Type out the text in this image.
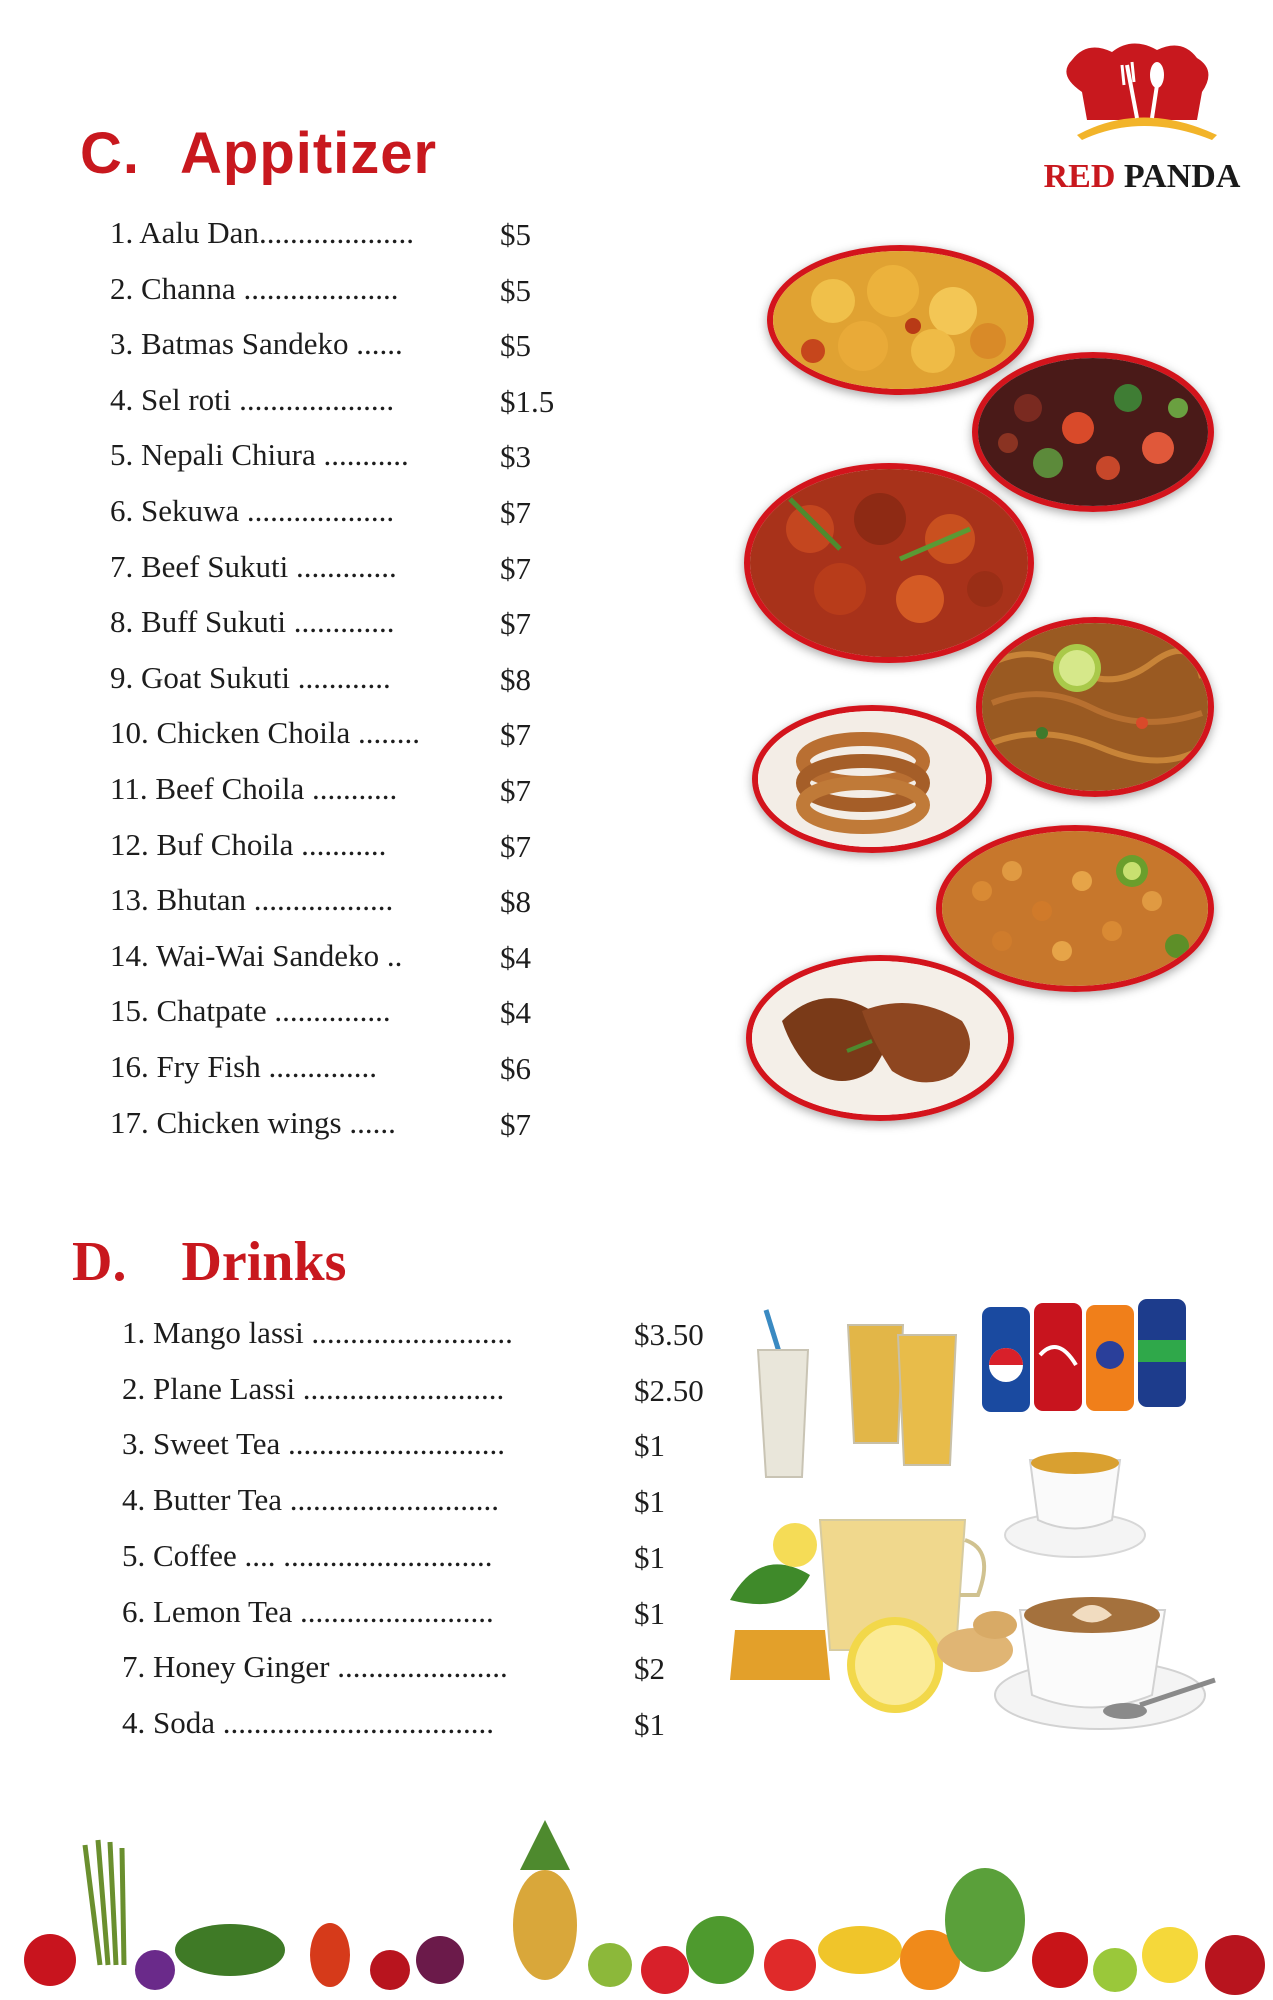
C. Appitizer
D. Drinks
1. Aalu Dan....................	$5
2. Channa ....................	$5
3. Batmas Sandeko ......	$5
4. Sel roti ....................	$1.5
5. Nepali Chiura ...........	$3
6. Sekuwa ...................	$7
7. Beef Sukuti .............	$7
8. Buff Sukuti .............	$7
9. Goat Sukuti ............	$8
10. Chicken Choila ........	$7
11. Beef Choila ...........	$7
12. Buf Choila ...........	$7
13. Bhutan ..................	$8
14. Wai-Wai Sandeko ..	$4
15. Chatpate ...............	$4
16. Fry Fish ..............	$6
17. Chicken wings ......	$7
1. Mango lassi ..........................	$3.50
2. Plane Lassi ..........................	$2.50
3. Sweet Tea ............................	$1
4. Butter Tea ...........................	$1
5. Coffee .... ...........................	$1
6. Lemon Tea .........................	$1
7. Honey Ginger ......................	$2
4. Soda ...................................	$1
RED PANDA
